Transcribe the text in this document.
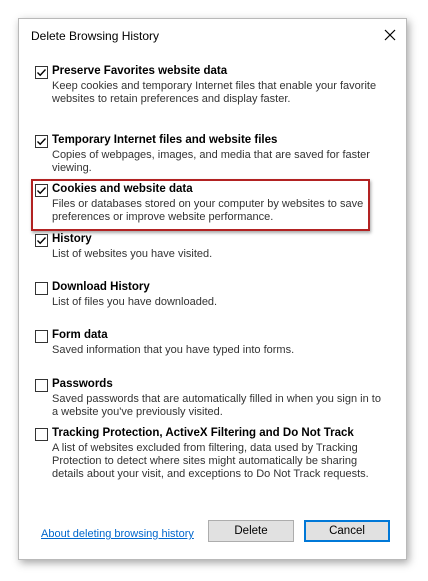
Delete Browsing History
Preserve Favorites website data
Keep cookies and temporary Internet files that enable your favorite websites to retain preferences and display faster.
Temporary Internet files and website files
Copies of webpages, images, and media that are saved for faster viewing.
Cookies and website data
Files or databases stored on your computer by websites to save preferences or improve website performance.
History
List of websites you have visited.
Download History
List of files you have downloaded.
Form data
Saved information that you have typed into forms.
Passwords
Saved passwords that are automatically filled in when you sign in to a website you've previously visited.
Tracking Protection, ActiveX Filtering and Do Not Track
A list of websites excluded from filtering, data used by Tracking Protection to detect where sites might automatically be sharing details about your visit, and exceptions to Do Not Track requests.
About deleting browsing history	Delete	Cancel
